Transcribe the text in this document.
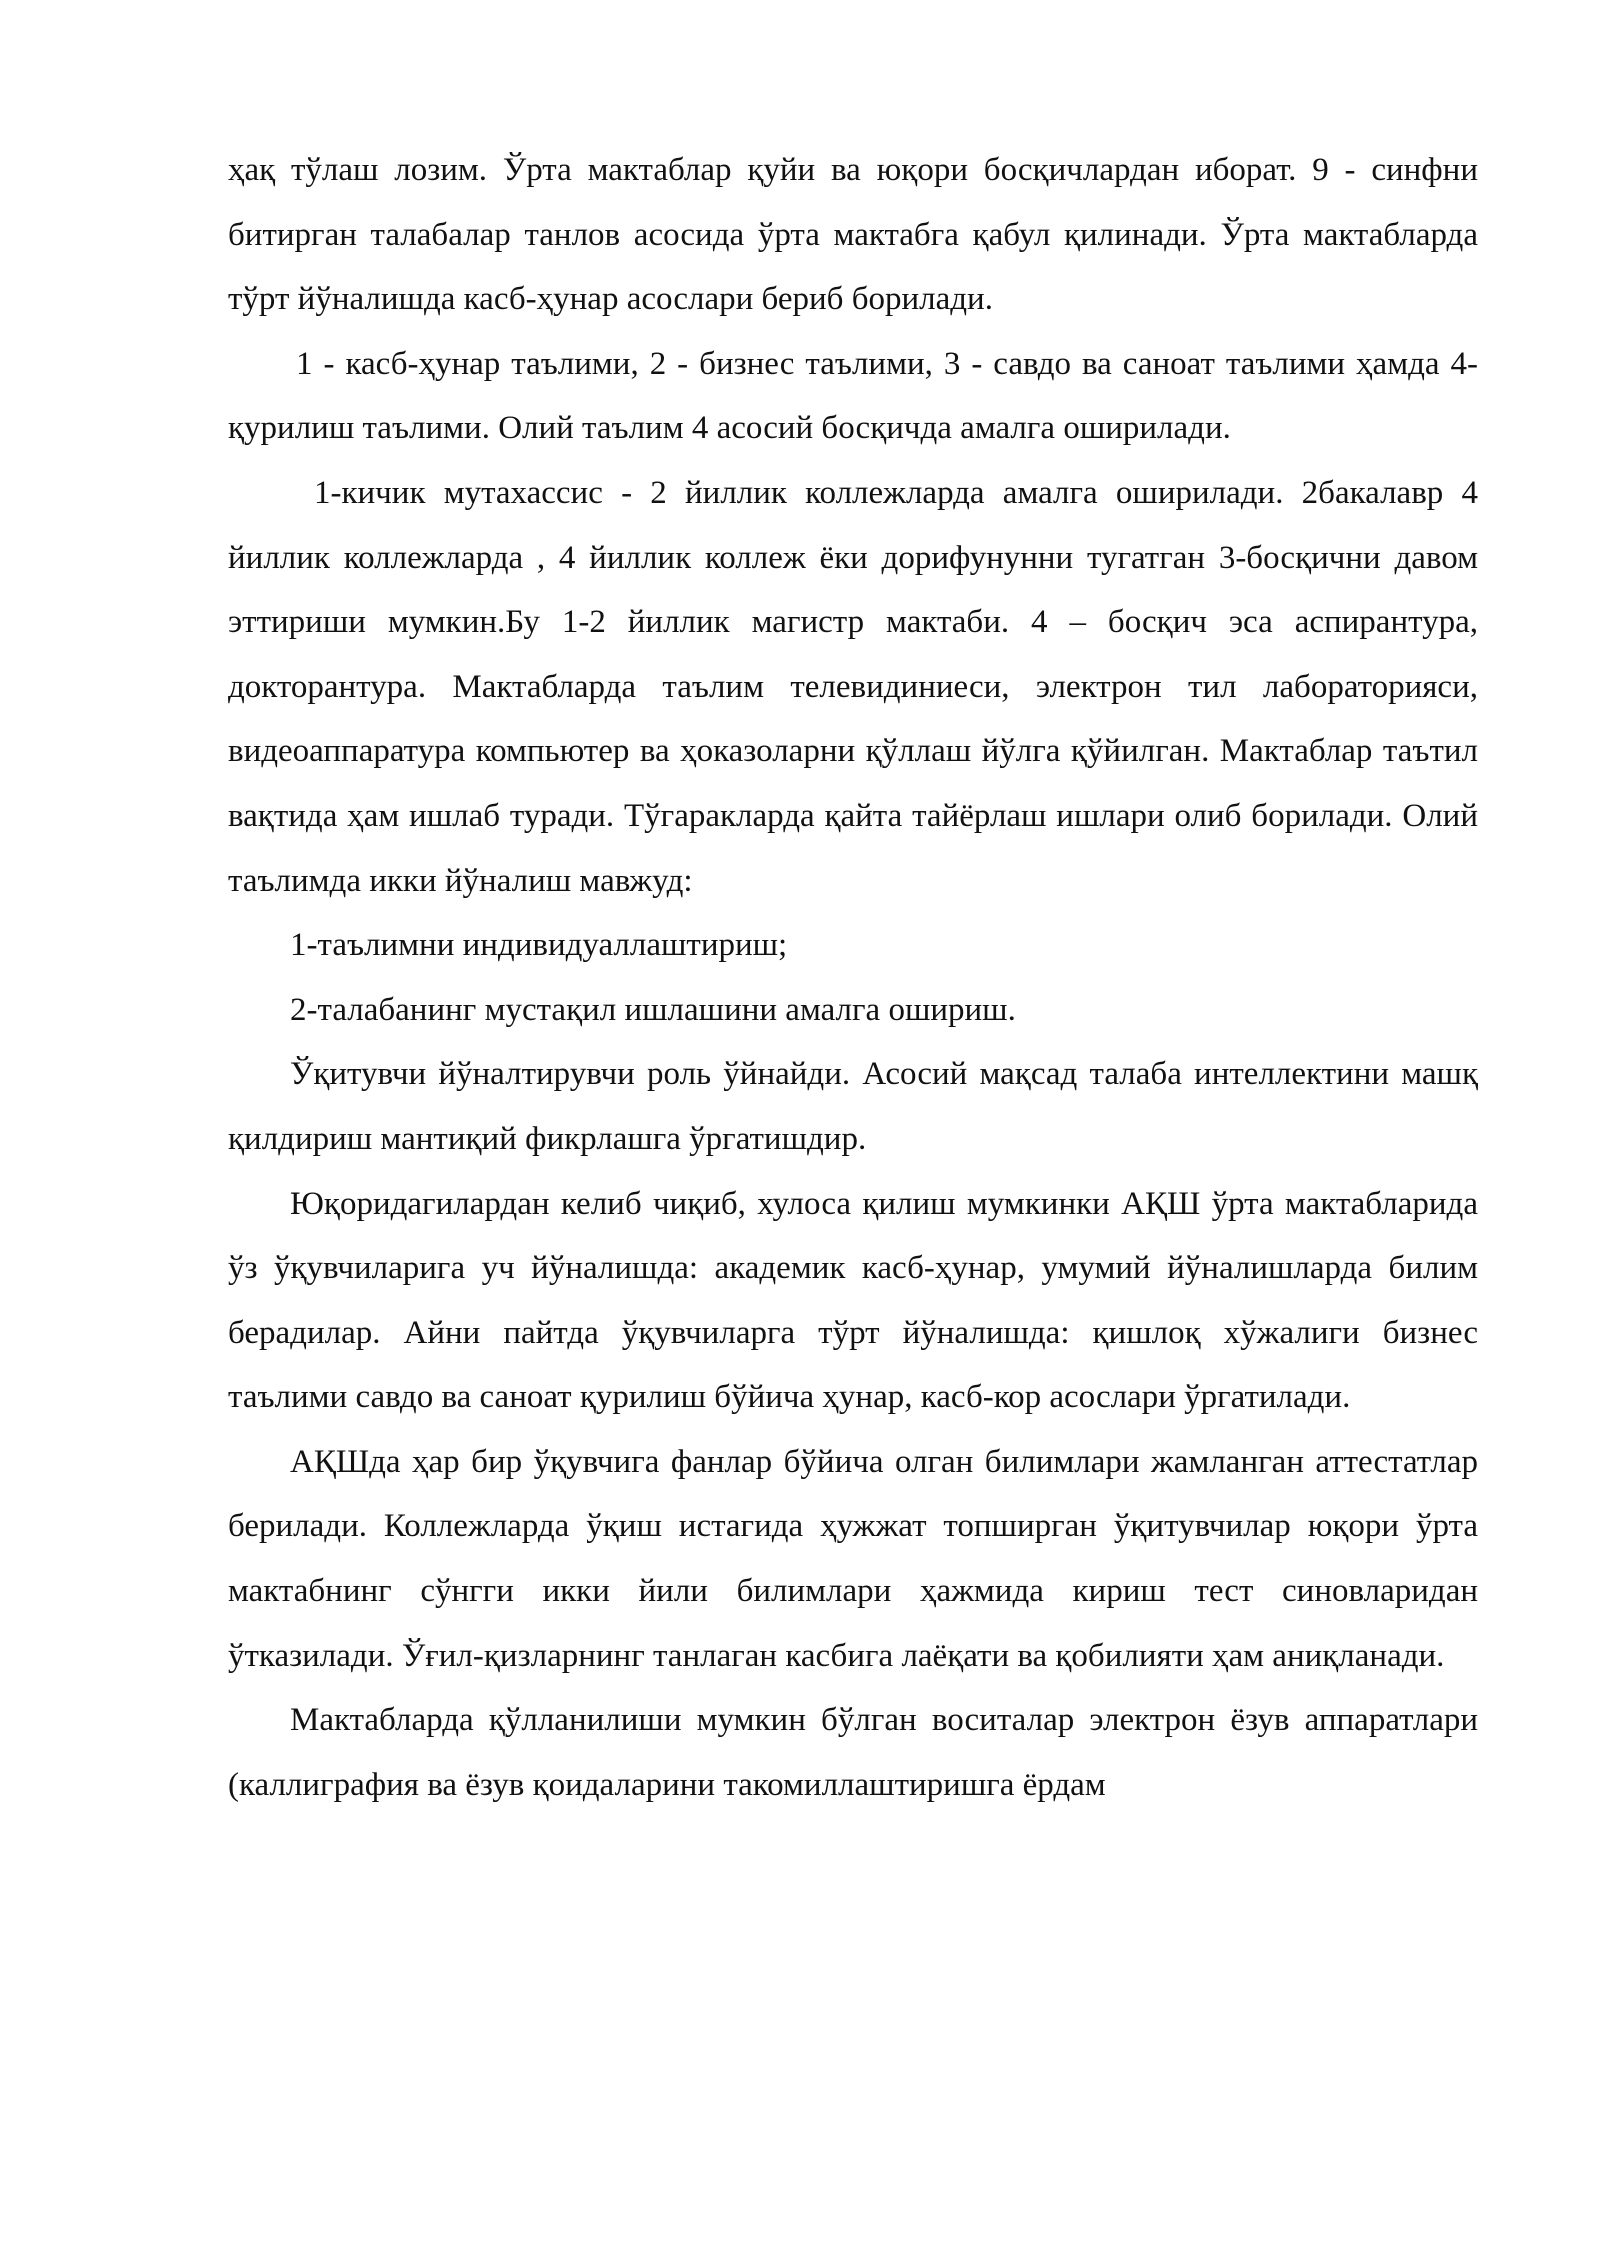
ҳақ тўлаш лозим. Ўрта мактаблар қуйи ва юқори босқичлардан иборат. 9 - синфни битирган талабалар танлов асосида ўрта мактабга қабул қилинади. Ўрта мактабларда тўрт йўналишда касб-ҳунар асослари бериб борилади.

1 - касб-ҳунар таълими, 2 - бизнес таълими, 3 - савдо ва саноат таълими ҳамда 4-қурилиш таълими. Олий таълим 4 асосий босқичда амалга оширилади.

1-кичик мутахассис - 2 йиллик коллежларда амалга оширилади. 2бакалавр 4 йиллик коллежларда , 4 йиллик коллеж ёки дорифунунни тугатган 3-босқични давом эттириши мумкин.Бу 1-2 йиллик магистр мактаби. 4 – босқич эса аспирантура, докторантура. Мактабларда таълим телевидиниеси, электрон тил лабораторияси, видеоаппаратура компьютер ва ҳоказоларни қўллаш йўлга қўйилган. Мактаблар таътил вақтида ҳам ишлаб туради. Тўгаракларда қайта тайёрлаш ишлари олиб борилади. Олий таълимда икки йўналиш мавжуд:

1-таълимни индивидуаллаштириш;

2-талабанинг мустақил ишлашини амалга ошириш.

Ўқитувчи йўналтирувчи роль ўйнайди. Асосий мақсад талаба интеллектини машқ қилдириш мантиқий фикрлашга ўргатишдир.

Юқоридагилардан келиб чиқиб, хулоса қилиш мумкинки АҚШ ўрта мактабларида ўз ўқувчиларига уч йўналишда: академик касб-ҳунар, умумий йўналишларда билим берадилар. Айни пайтда ўқувчиларга тўрт йўналишда: қишлоқ хўжалиги бизнес таълими савдо ва саноат қурилиш бўйича ҳунар, касб-кор асослари ўргатилади.

АҚШда ҳар бир ўқувчига фанлар бўйича олган билимлари жамланган аттестатлар берилади. Коллежларда ўқиш истагида ҳужжат топширган ўқитувчилар юқори ўрта мактабнинг сўнгги икки йили билимлари ҳажмида кириш тест синовларидан ўтказилади. Ўғил-қизларнинг танлаган касбига лаёқати ва қобилияти ҳам аниқланади.

Мактабларда қўлланилиши мумкин бўлган воситалар электрон ёзув аппаратлари (каллиграфия ва ёзув қоидаларини такомиллаштиришга ёрдам
